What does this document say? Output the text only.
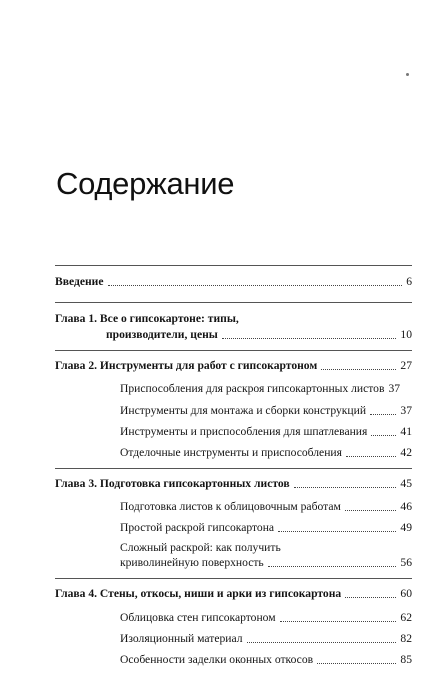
Содержание
Введение	6
Глава 1. Все о гипсокартоне: типы,
производители, цены	10
Глава 2. Инструменты для работ с гипсокартоном	27
Приспособления для раскроя гипсокартонных листов 37
Инструменты для монтажа и сборки конструкций	37
Инструменты и приспособления для шпатлевания	41
Отделочные инструменты и приспособления	42
Глава 3. Подготовка гипсокартонных листов	45
Подготовка листов к облицовочным работам	46
Простой раскрой гипсокартона	49
Сложный раскрой: как получить
криволинейную поверхность	56
Глава 4. Стены, откосы, ниши и арки из гипсокартона	60
Облицовка стен гипсокартоном	62
Изоляционный материал	82
Особенности заделки оконных откосов	85
